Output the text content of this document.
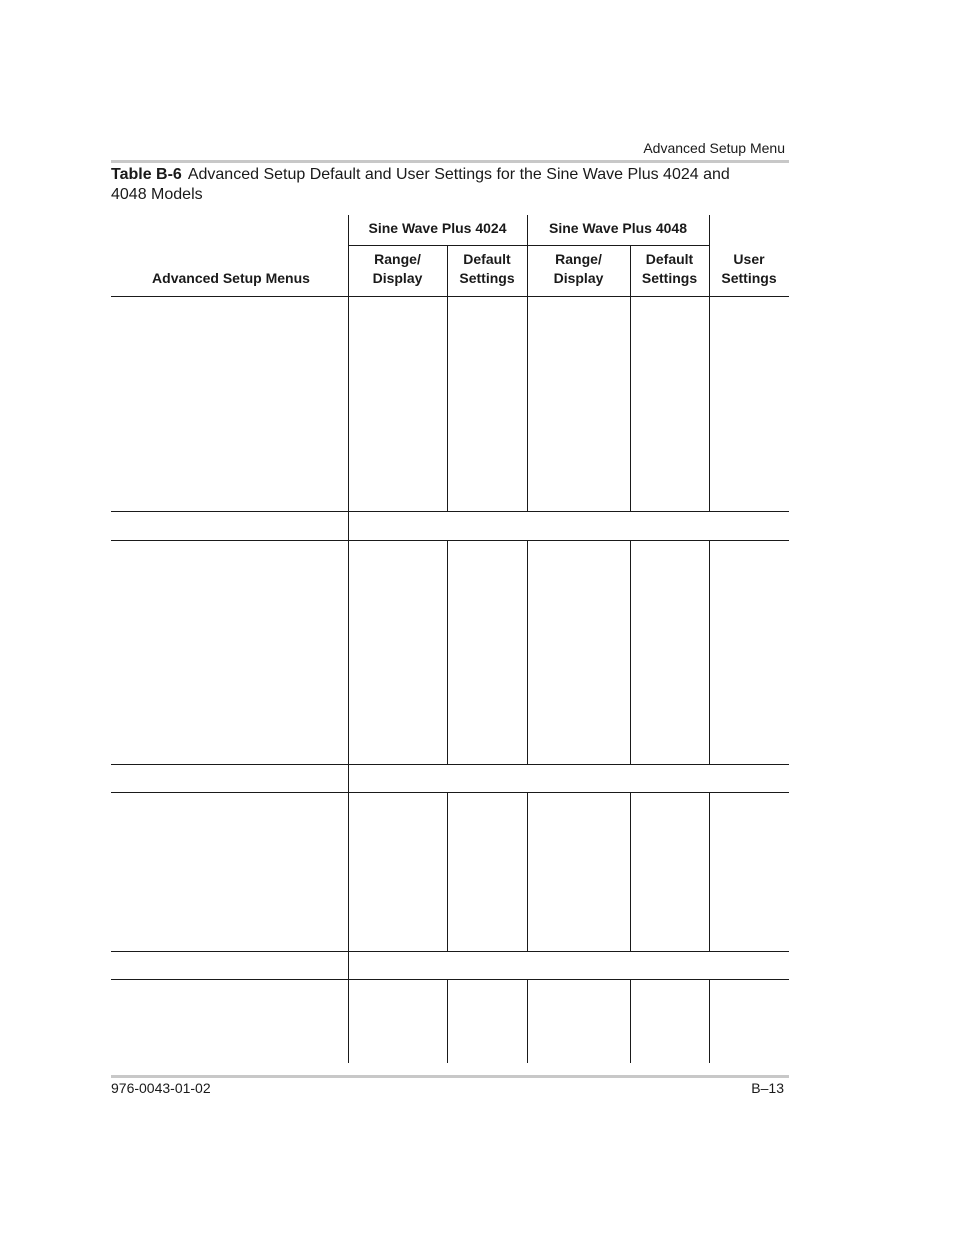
Advanced Setup Menu
Table B-6 Advanced Setup Default and User Settings for the Sine Wave Plus 4024 and 4048 Models
Sine Wave Plus 4024	Sine Wave Plus 4048
Advanced Setup Menus
Range/
Display
Default
Settings
Range/
Display
Default
Settings
User
Settings
976-0043-01-02	B–13
